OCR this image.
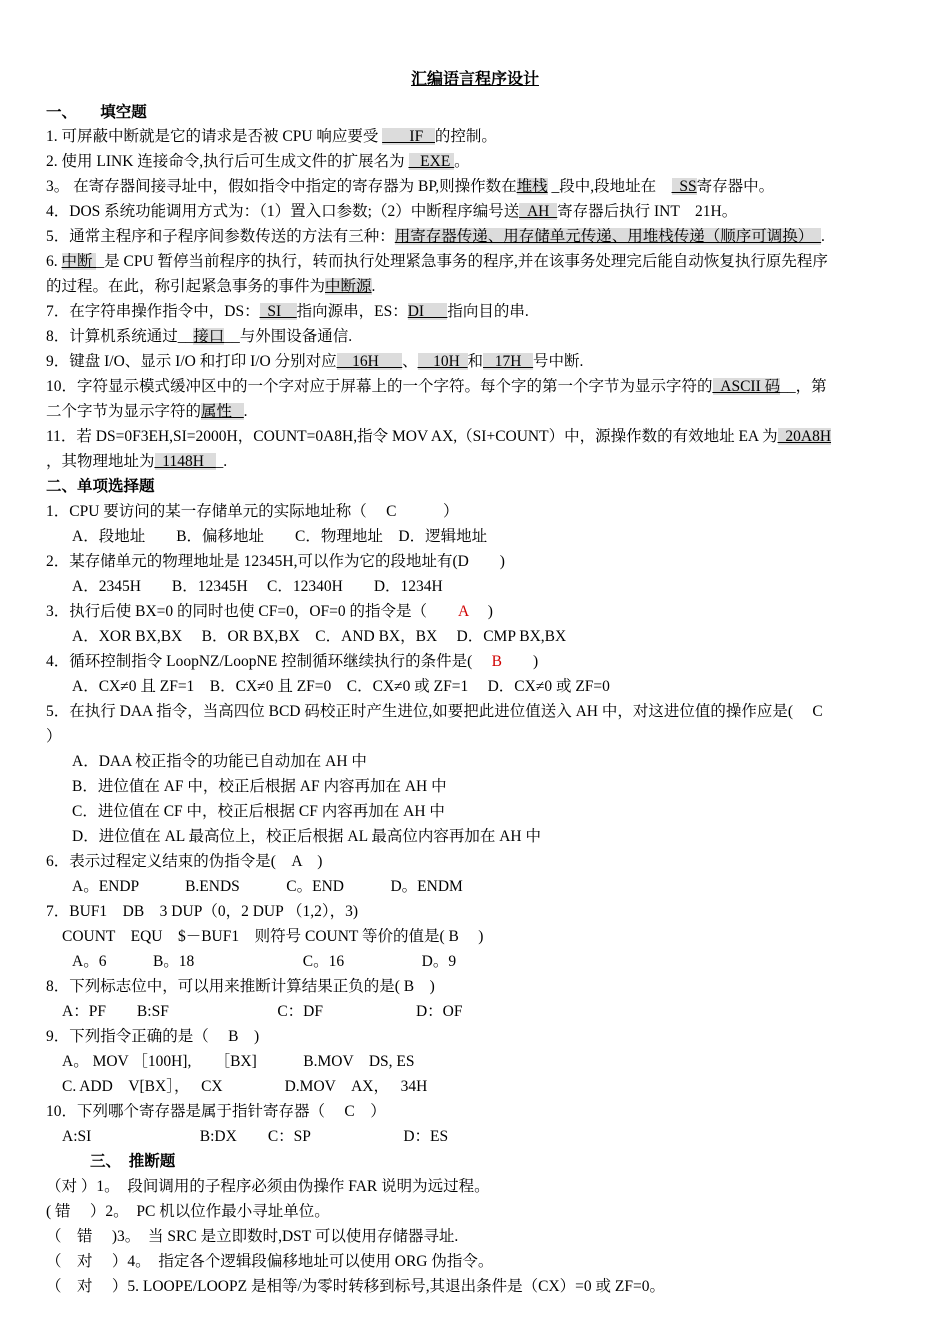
汇编语言程序设计
一、　　填空题
1. 可屏蔽中断就是它的请求是否被 CPU 响应要受 ___ IF _的控制。
2. 使用 LINK 连接命令,执行后可生成文件的扩展名为 _ EXE 。
3。 在寄存器间接寻址中，假如指令中指定的寄存器为 BP,则操作数在堆栈 _段中,段地址在　_SS寄存器中。
4．DOS 系统功能调用方式为：（1）置入口参数;（2）中断程序编号送_AH_寄存器后执行 INT　21H。
5．通常主程序和子程序间参数传送的方法有三种：用寄存器传递、用存储单元传递、用堆栈传递（顺序可调换）_.
6. 中断 _是 CPU 暂停当前程序的执行，转而执行处理紧急事务的程序,并在该事务处理完后能自动恢复执行原先程序
的过程。在此，称引起紧急事务的事件为中断源.
7．在字符串操作指令中，DS：_SI__指向源串，ES：DI___指向目的串.
8．计算机系统通过__接口__与外围设备通信.
9．键盘 I/O、显示 I/O 和打印 I/O 分别对应__16H___、__10H_和_ 17H _号中断.
10．字符显示模式缓冲区中的一个字对应于屏幕上的一个字符。每个字的第一个字节为显示字符的_ASCII 码__，第
二个字节为显示字符的属性 _.
11．若 DS=0F3EH,SI=2000H，COUNT=0A8H,指令 MOV AX,（SI+COUNT）中，源操作数的有效地址 EA 为_20A8H
，其物理地址为_1148H __.
二、单项选择题
1．CPU 要访问的某一存储单元的实际地址称（　 C　　　）
A．段地址　　B．偏移地址　　C．物理地址　D．逻辑地址
2．某存储单元的物理地址是 12345H,可以作为它的段地址有(D　　)
A．2345H　　B．12345H　 C．12340H　　D．1234H
3．执行后使 BX=0 的同时也使 CF=0，OF=0 的指令是（　　A　 )
A．XOR BX,BX　 B．OR BX,BX　C．AND BX，BX　 D．CMP BX,BX
4．循环控制指令 LoopNZ/LoopNE 控制循环继续执行的条件是(　 B　　)
A．CX≠0 且 ZF=1　B．CX≠0 且 ZF=0　C．CX≠0 或 ZF=1　 D．CX≠0 或 ZF=0
5．在执行 DAA 指令，当高四位 BCD 码校正时产生进位,如要把此进位值送入 AH 中，对这进位值的操作应是(　 C
）
A．DAA 校正指令的功能已自动加在 AH 中
B．进位值在 AF 中，校正后根据 AF 内容再加在 AH 中
C．进位值在 CF 中，校正后根据 CF 内容再加在 AH 中
D．进位值在 AL 最高位上，校正后根据 AL 最高位内容再加在 AH 中
6．表示过程定义结束的伪指令是(　A　)
A。ENDP　　　B.ENDS　　　C。END　　　D。ENDM
7．BUF1　DB　3 DUP（0，2 DUP （1,2），3)
COUNT　EQU　$－BUF1　则符号 COUNT 等价的值是( B　 )
A。6　　　B。18　　　　　　　C。16　　　　　D。9
8．下列标志位中，可以用来推断计算结果正负的是( B　)
A：PF　　B:SF　　　　　　　C：DF　　　　　　D：OF
9．下列指令正确的是（　 B　)
A。 MOV ［100H],　　［BX]　　　B.MOV　DS, ES
C. ADD　V[BX］，　 CX　　　　D.MOV　AX，　 34H
10．下列哪个寄存器是属于指针寄存器（　 C　）
A:SI　　　　　　　B:DX　　C：SP　　　　　　D：ES
三、　推断题
（对 ）1。　段间调用的子程序必须由伪操作 FAR 说明为远过程。
( 错　 ）2。　PC 机以位作最小寻址单位。
（　错　 )3。　当 SRC 是立即数时,DST 可以使用存储器寻址.
（　对　 ）4。　指定各个逻辑段偏移地址可以使用 ORG 伪指令。
（　对　 ）5. LOOPE/LOOPZ 是相等/为零时转移到标号,其退出条件是（CX）=0 或 ZF=0。
